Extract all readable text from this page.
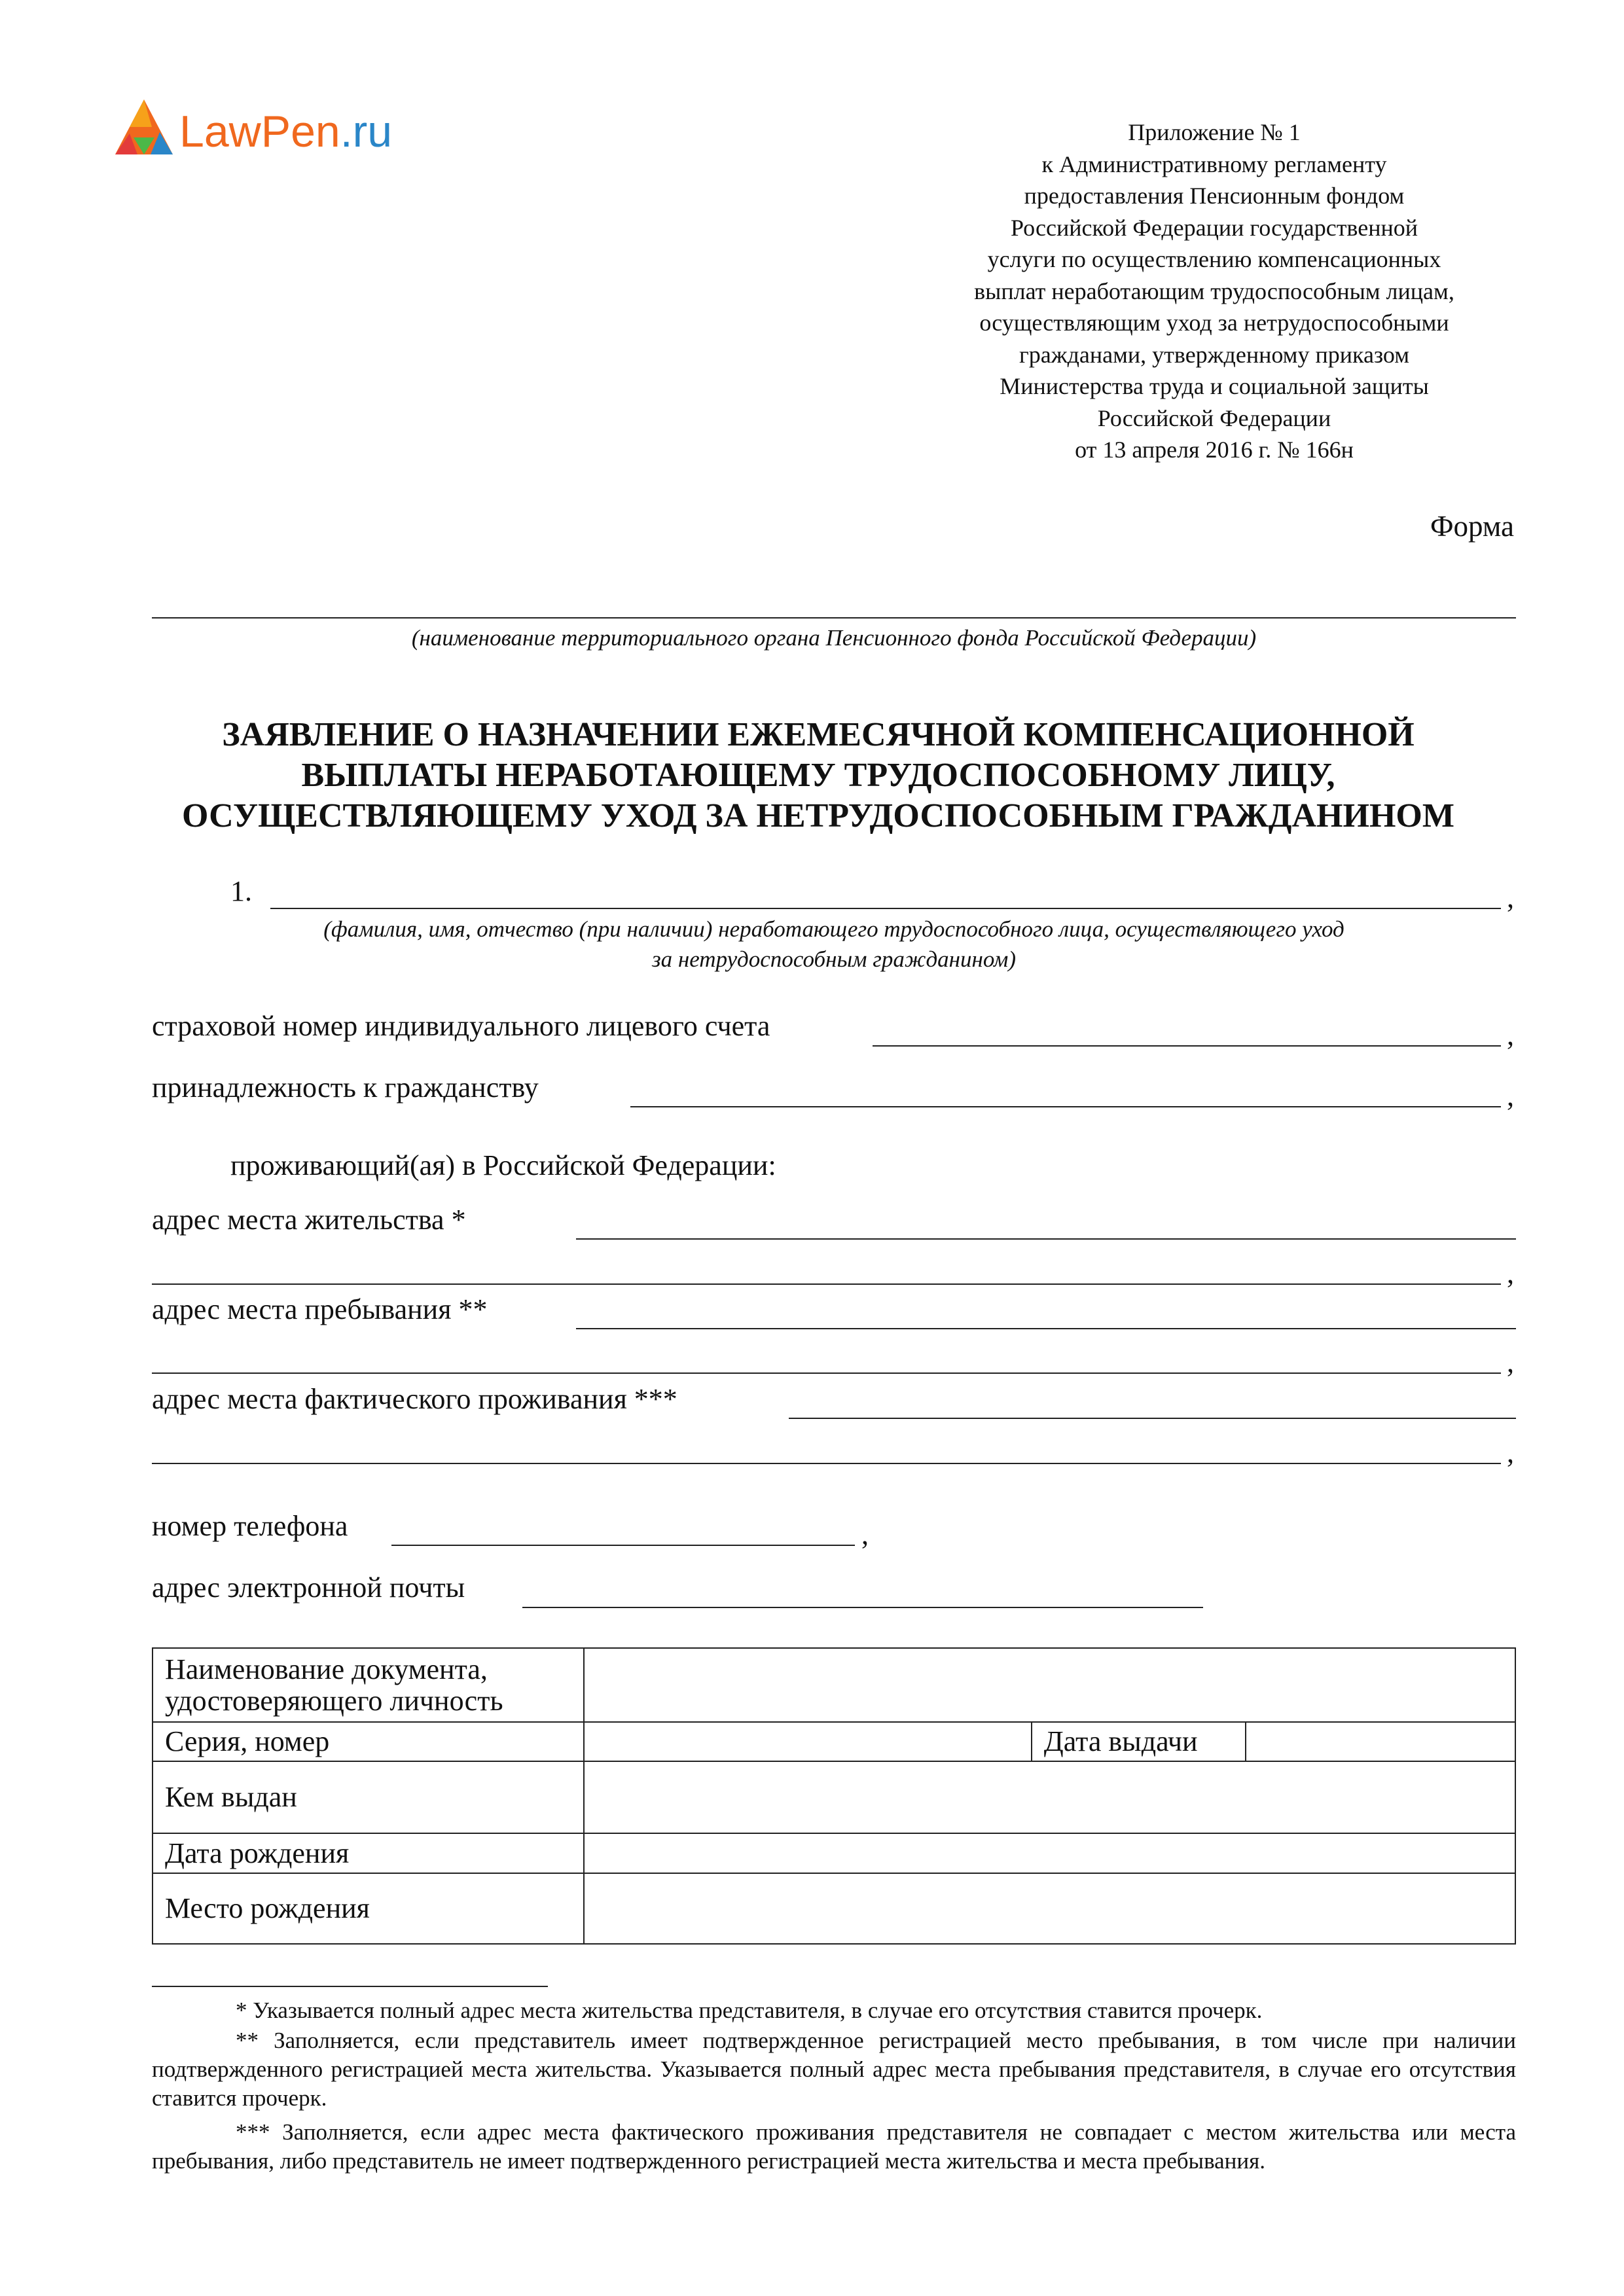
LawPen.ru	Приложение № 1
к Административному регламенту
предоставления Пенсионным фондом
Российской Федерации государственной
услуги по осуществлению компенсационных
выплат неработающим трудоспособным лицам,
осуществляющим уход за нетрудоспособными
гражданами, утвержденному приказом
Министерства труда и социальной защиты
Российской Федерации
от 13 апреля 2016 г. № 166н
Форма
(наименование территориального органа Пенсионного фонда Российской Федерации)
ЗАЯВЛЕНИЕ О НАЗНАЧЕНИИ ЕЖЕМЕСЯЧНОЙ КОМПЕНСАЦИОННОЙ
ВЫПЛАТЫ НЕРАБОТАЮЩЕМУ ТРУДОСПОСОБНОМУ ЛИЦУ,
ОСУЩЕСТВЛЯЮЩЕМУ УХОД ЗА НЕТРУДОСПОСОБНЫМ ГРАЖДАНИНОМ
1.	,
(фамилия, имя, отчество (при наличии) неработающего трудоспособного лица, осуществляющего уход
за нетрудоспособным гражданином)
страховой номер индивидуального лицевого счета	,
принадлежность к гражданству	,
проживающий(ая) в Российской Федерации:
адрес места жительства *
,
адрес места пребывания **
,
адрес места фактического проживания ***
,
номер телефона	,
адрес электронной почты
Наименование документа,
удостоверяющего личность			

Серия, номер		Дата выдачи	
Кем выдан			
Дата рождения			
Место рождения			
* Указывается полный адрес места жительства представителя, в случае его отсутствия ставится прочерк.
** Заполняется, если представитель имеет подтвержденное регистрацией место пребывания, в том числе при наличии подтвержденного регистрацией места жительства. Указывается полный адрес места пребывания представителя, в случае его отсутствия ставится прочерк.
*** Заполняется, если адрес места фактического проживания представителя не совпадает с местом жительства или места пребывания, либо представитель не имеет подтвержденного регистрацией места жительства и места пребывания.
